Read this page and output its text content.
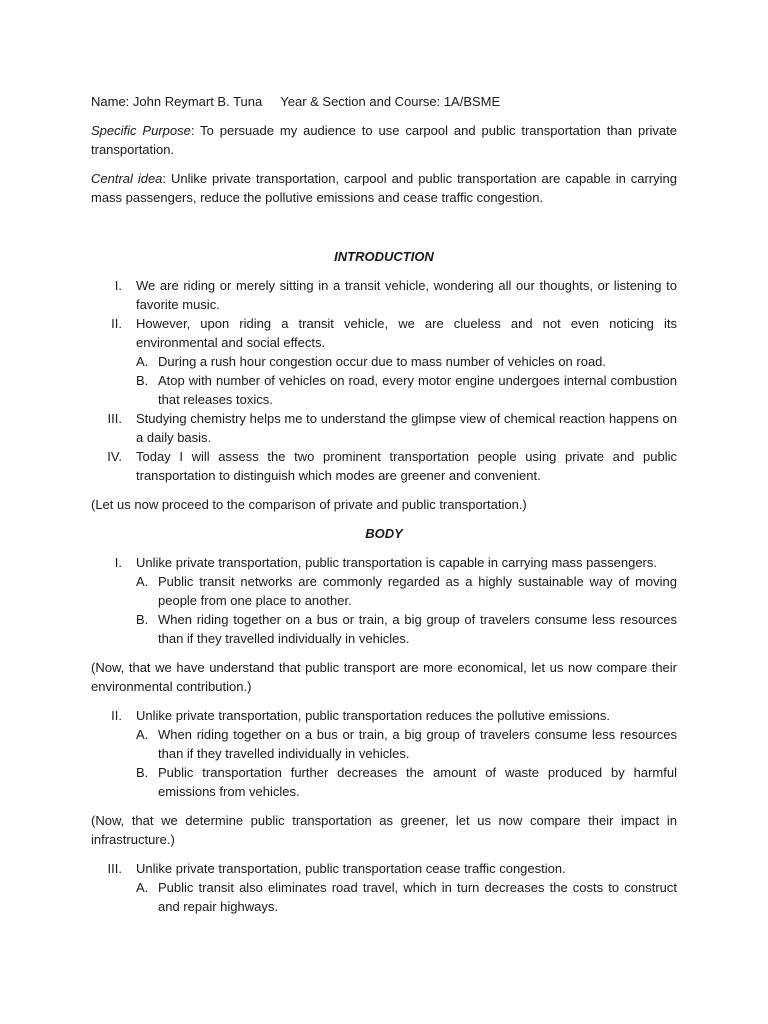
Name: John Reymart B. Tuna Year & Section and Course: 1A/BSME

Specific Purpose: To persuade my audience to use carpool and public transportation than private transportation.

Central idea: Unlike private transportation, carpool and public transportation are capable in carrying mass passengers, reduce the pollutive emissions and cease traffic congestion.

INTRODUCTION

I. We are riding or merely sitting in a transit vehicle, wondering all our thoughts, or listening to favorite music.
II. However, upon riding a transit vehicle, we are clueless and not even noticing its environmental and social effects.
A. During a rush hour congestion occur due to mass number of vehicles on road.
B. Atop with number of vehicles on road, every motor engine undergoes internal combustion that releases toxics.
III. Studying chemistry helps me to understand the glimpse view of chemical reaction happens on a daily basis.
IV. Today I will assess the two prominent transportation people using private and public transportation to distinguish which modes are greener and convenient.

(Let us now proceed to the comparison of private and public transportation.)

BODY

I. Unlike private transportation, public transportation is capable in carrying mass passengers.
A. Public transit networks are commonly regarded as a highly sustainable way of moving people from one place to another.
B. When riding together on a bus or train, a big group of travelers consume less resources than if they travelled individually in vehicles.

(Now, that we have understand that public transport are more economical, let us now compare their environmental contribution.)

II. Unlike private transportation, public transportation reduces the pollutive emissions.
A. When riding together on a bus or train, a big group of travelers consume less resources than if they travelled individually in vehicles.
B. Public transportation further decreases the amount of waste produced by harmful emissions from vehicles.

(Now, that we determine public transportation as greener, let us now compare their impact in infrastructure.)

III. Unlike private transportation, public transportation cease traffic congestion.
A. Public transit also eliminates road travel, which in turn decreases the costs to construct and repair highways.
